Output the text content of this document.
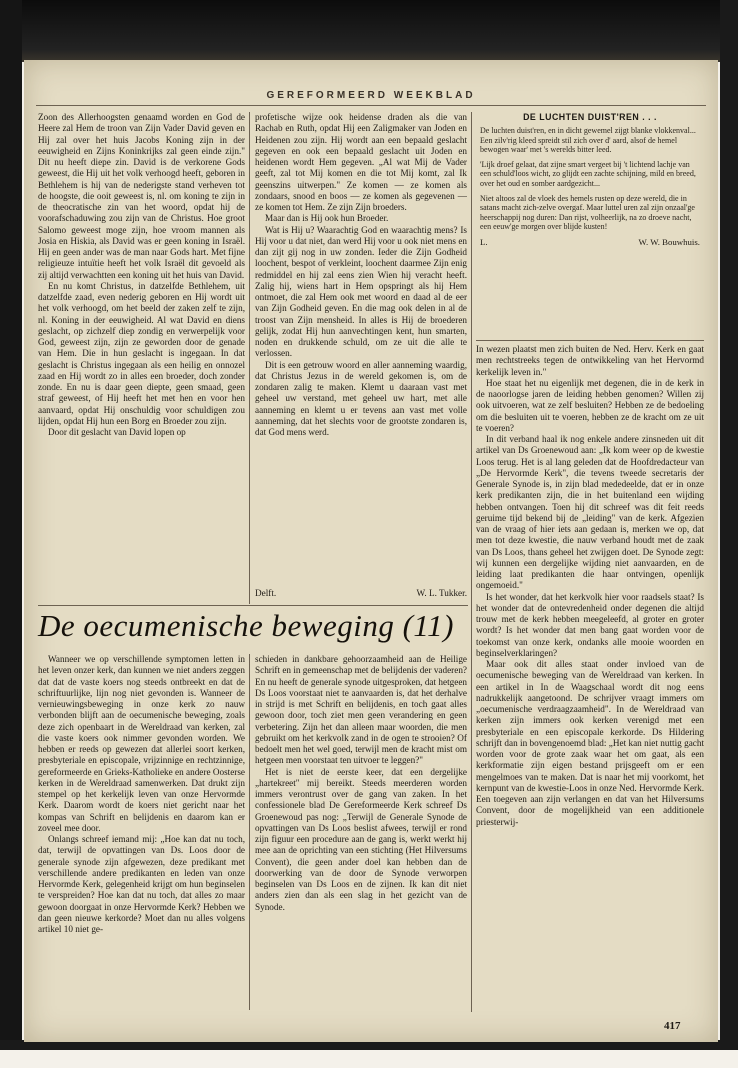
GEREFORMEERD WEEKBLAD

Zoon des Allerhoogsten genaamd worden en God de Heere zal Hem de troon van Zijn Vader David geven en Hij zal over het huis Jacobs Koning zijn in der eeuwigheid en Zijns Koninkrijks zal geen einde zijn." Dit nu heeft diepe zin. David is de verkorene Gods geweest, die Hij uit het volk verhoogd heeft, geboren in Bethlehem is hij van de nederigste stand verheven tot de hoogste, die ooit geweest is, nl. om koning te zijn in de theocratische zin van het woord, opdat hij de voorafschaduwing zou zijn van de Christus. Hoe groot Salomo geweest moge zijn, hoe vroom mannen als Josia en Hiskia, als David was er geen koning in Israël. Hij en geen ander was de man naar Gods hart. Met fijne religieuze intuïtie heeft het volk Israël dit gevoeld als zij altijd verwachtten een koning uit het huis van David.

En nu komt Christus, in datzelfde Bethlehem, uit datzelfde zaad, even nederig geboren en Hij wordt uit het volk verhoogd, om het beeld der zaken zelf te zijn, nl. Koning in der eeuwigheid. Al wat David en diens geslacht, op zichzelf diep zondig en verwerpelijk voor God, geweest zijn, zijn ze geworden door de genade van Hem. Die in hun geslacht is ingegaan. In dat geslacht is Christus ingegaan als een heilig en onnozel zaad en Hij wordt zo in alles een broeder, doch zonder zonde. En nu is daar geen diepte, geen smaad, geen straf geweest, of Hij heeft het met hen en voor hen aanvaard, opdat Hij onschuldig voor schuldigen zou lijden, opdat Hij hun een Borg en Broeder zou zijn.

Door dit geslacht van David lopen op

profetische wijze ook heidense draden als die van Rachab en Ruth, opdat Hij een Zaligmaker van Joden en Heidenen zou zijn. Hij wordt aan een bepaald geslacht gegeven en ook een bepaald geslacht uit Joden en heidenen wordt Hem gegeven. „Al wat Mij de Vader geeft, zal tot Mij komen en die tot Mij komt, zal Ik geenszins uitwerpen." Ze komen — ze komen als zondaars, snood en boos — ze komen als gegevenen — ze komen tot Hem. Ze zijn Zijn broeders.

Maar dan is Hij ook hun Broeder.

Wat is Hij u? Waarachtig God en waarachtig mens? Is Hij voor u dat niet, dan werd Hij voor u ook niet mens en dan zijt gij nog in uw zonden. Ieder die Zijn Godheid loochent, bespot of verkleint, loochent daarmee Zijn enig redmiddel en hij zal eens zien Wien hij veracht heeft. Zalig hij, wiens hart in Hem opspringt als hij Hem ontmoet, die zal Hem ook met woord en daad al de eer van Zijn Godheid geven. En die mag ook delen in al de troost van Zijn mensheid. In alles is Hij de broederen gelijk, zodat Hij hun aanvechtingen kent, hun smarten, noden en drukkende schuld, om ze uit die alle te verlossen.

Dit is een getrouw woord en aller aanneming waardig, dat Christus Jezus in de wereld gekomen is, om de zondaren zalig te maken. Klemt u daaraan vast met geheel uw verstand, met geheel uw hart, met alle aanneming en klemt u er tevens aan vast met volle aanneming, dat het slechts voor de grootste zondaren is, dat God mens werd.

Delft.	W. L. Tukker.
DE LUCHTEN DUIST'REN . . .

De luchten duist'ren, en in dicht gewemel zijgt blanke vlokkenval... Een zilv'rig kleed spreidt stil zich over d' aard, alsof de hemel bewogen waar' met 's werelds bitter leed.

'Lijk droef gelaat, dat zijne smart vergeet bij 't lichtend lachje van een schuld'loos wicht, zo glijdt een zachte schijning, mild en breed, over het oud en somber aardgezicht...

Niet altoos zal de vloek des hemels rusten op deze wereld, die in satans macht zich-zelve overgaf. Maar luttel uren zal zijn onzaal'ge heerschappij nog duren: Dan rijst, volheerlijk, na zo droeve nacht, een eeuw'ge morgen over blijde kusten!

L.	W. W. Bouwhuis.

In wezen plaatst men zich buiten de Ned. Herv. Kerk en gaat men rechtstreeks tegen de ontwikkeling van het Hervormd kerkelijk leven in."

Hoe staat het nu eigenlijk met degenen, die in de kerk in de naoorlogse jaren de leiding hebben genomen? Willen zij ook uitvoeren, wat ze zelf besluiten? Hebben ze de bedoeling om die besluiten uit te voeren, hebben ze de kracht om ze uit te voeren?

In dit verband haal ik nog enkele andere zinsneden uit dit artikel van Ds Groenewoud aan: „Ik kom weer op de kwestie Loos terug. Het is al lang geleden dat de Hoofdredacteur van „De Hervormde Kerk", die tevens tweede secretaris der Generale Synode is, in zijn blad mededeelde, dat er in onze kerk predikanten zijn, die in het buitenland een wijding hebben ontvangen. Toen hij dit schreef was dit feit reeds geruime tijd bekend bij de „leiding" van de kerk. Afgezien van de vraag of hier iets aan gedaan is, merken we op, dat men tot deze kwestie, die nauw verband houdt met de zaak van Ds Loos, thans geheel het zwijgen doet. De Synode zegt: wij kunnen een dergelijke wijding niet aanvaarden, en de leiding laat predikanten die haar ontvingen, openlijk ongemoeid."

Is het wonder, dat het kerkvolk hier voor raadsels staat? Is het wonder dat de ontevredenheid onder degenen die altijd trouw met de kerk hebben meegeleefd, al groter en groter wordt? Is het wonder dat men bang gaat worden voor de toekomst van onze kerk, ondanks alle mooie woorden en beginselverklaringen?

Maar ook dit alles staat onder invloed van de oecumenische beweging van de Wereldraad van kerken. In een artikel in In de Waagschaal wordt dit nog eens nadrukkelijk aangetoond. De schrijver vraagt immers om „oecumenische verdraagzaamheid". In de Wereldraad van kerken zijn immers ook kerken verenigd met een presbyteriale en een episcopale kerkorde. Ds Hildering schrijft dan in bovengenoemd blad: „Het kan niet nuttig gacht worden voor de grote zaak waar het om gaat, als een kerkformatie zijn eigen bestand prijsgeeft om er een mengelmoes van te maken. Dat is naar het mij voorkomt, het kernpunt van de kwestie-Loos in onze Ned. Hervormde Kerk. Een toegeven aan zijn verlangen en dat van het Hilversums Convent, door de mogelijkheid van een additionele priesterwij-

De oecumenische beweging (11)

Wanneer we op verschillende symptomen letten in het leven onzer kerk, dan kunnen we niet anders zeggen dat dat de vaste koers nog steeds ontbreekt en dat de schriftuurlijke, lijn nog niet gevonden is. Wanneer de vernieuwingsbeweging in onze kerk zo nauw verbonden blijft aan de oecumenische beweging, zoals deze zich openbaart in de Wereldraad van kerken, zal die vaste koers ook nimmer gevonden worden. We hebben er reeds op gewezen dat allerlei soort kerken, presbyteriale en episcopale, vrijzinnige en rechtzinnige, gereformeerde en Grieks-Katholieke en andere Oosterse kerken in de Wereldraad samenwerken. Dat drukt zijn stempel op het kerkelijk leven van onze Hervormde Kerk. Daarom wordt de koers niet gericht naar het kompas van Schrift en belijdenis en daarom kan er zoveel mee door.

Onlangs schreef iemand mij: „Hoe kan dat nu toch, dat, terwijl de opvattingen van Ds. Loos door de generale synode zijn afgewezen, deze predikant met verschillende andere predikanten en leden van onze Hervormde Kerk, gelegenheid krijgt om hun beginselen te verspreiden? Hoe kan dat nu toch, dat alles zo maar gewoon doorgaat in onze Hervormde Kerk? Hebben we dan geen nieuwe kerkorde? Moet dan nu alles volgens artikel 10 niet ge-

schieden in dankbare gehoorzaamheid aan de Heilige Schrift en in gemeenschap met de belijdenis der vaderen? En nu heeft de generale synode uitgesproken, dat hetgeen Ds Loos voorstaat niet te aanvaarden is, dat het derhalve in strijd is met Schrift en belijdenis, en toch gaat alles gewoon door, toch ziet men geen verandering en geen verbetering. Zijn het dan alleen maar woorden, die men gebruikt om het kerkvolk zand in de ogen te strooien? Of bedoelt men het wel goed, terwijl men de kracht mist om hetgeen men voorstaat ten uitvoer te leggen?"

Het is niet de eerste keer, dat een dergelijke „hartekreet" mij bereikt. Steeds meerderen worden immers verontrust over de gang van zaken. In het confessionele blad De Gereformeerde Kerk schreef Ds Groenewoud pas nog: „Terwijl de Generale Synode de opvattingen van Ds Loos beslist afwees, terwijl er rond zijn figuur een procedure aan de gang is, werkt werkt hij mee aan de oprichting van een stichting (Het Hilversums Convent), die geen ander doel kan hebben dan de doorwerking van de door de Synode verworpen beginselen van Ds Loos en de zijnen. Ik kan dit niet anders zien dan als een slag in het gezicht van de Synode.

417
